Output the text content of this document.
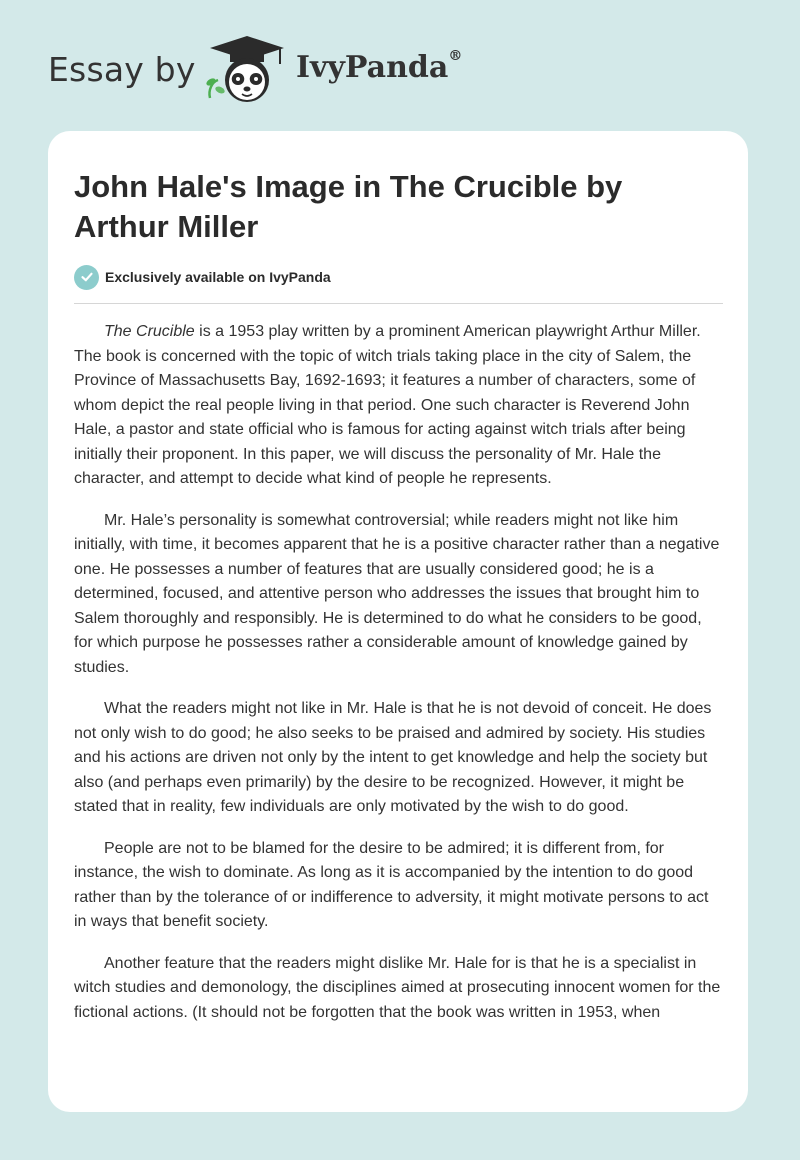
Essay by	IvyPanda®
John Hale's Image in The Crucible by Arthur Miller
Exclusively available on IvyPanda

The Crucible is a 1953 play written by a prominent American playwright Arthur Miller. The book is concerned with the topic of witch trials taking place in the city of Salem, the Province of Massachusetts Bay, 1692-1693; it features a number of characters, some of whom depict the real people living in that period. One such character is Reverend John Hale, a pastor and state official who is famous for acting against witch trials after being initially their proponent. In this paper, we will discuss the personality of Mr. Hale the character, and attempt to decide what kind of people he represents.

Mr. Hale’s personality is somewhat controversial; while readers might not like him initially, with time, it becomes apparent that he is a positive character rather than a negative one. He possesses a number of features that are usually considered good; he is a determined, focused, and attentive person who addresses the issues that brought him to Salem thoroughly and responsibly. He is determined to do what he considers to be good, for which purpose he possesses rather a considerable amount of knowledge gained by studies.

What the readers might not like in Mr. Hale is that he is not devoid of conceit. He does not only wish to do good; he also seeks to be praised and admired by society. His studies and his actions are driven not only by the intent to get knowledge and help the society but also (and perhaps even primarily) by the desire to be recognized. However, it might be stated that in reality, few individuals are only motivated by the wish to do good.

People are not to be blamed for the desire to be admired; it is different from, for instance, the wish to dominate. As long as it is accompanied by the intention to do good rather than by the tolerance of or indifference to adversity, it might motivate persons to act in ways that benefit society.

Another feature that the readers might dislike Mr. Hale for is that he is a specialist in witch studies and demonology, the disciplines aimed at prosecuting innocent women for the fictional actions. (It should not be forgotten that the book was written in 1953, when
